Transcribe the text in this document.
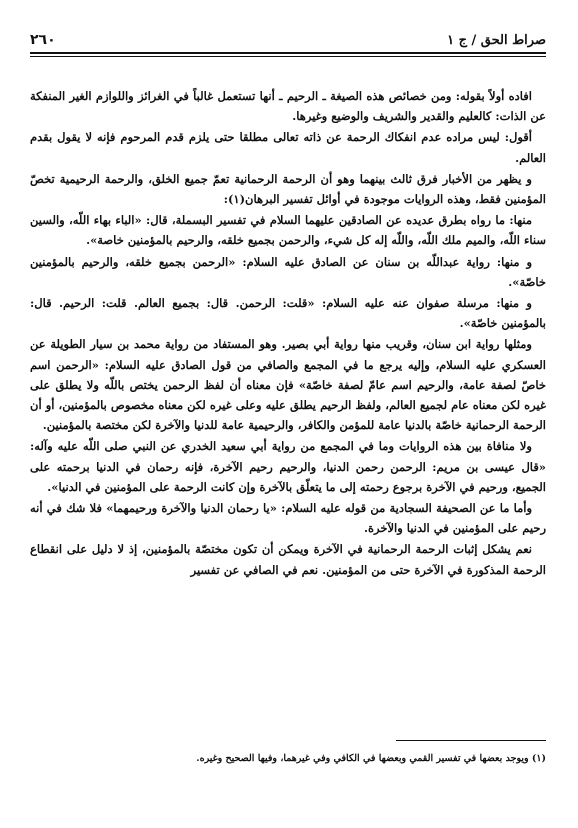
صراط الحق / ج ١
٢٦٠

افاده أولاً بقوله: ومن خصائص هذه الصيغة ـ الرحيم ـ أنها تستعمل غالباً في الغرائز واللوازم الغير المنفكة عن الذات: كالعليم والقدير والشريف والوضيع وغيرها.

أقول: ليس مراده عدم انفكاك الرحمة عن ذاته تعالى مطلقا حتى يلزم قدم المرحوم فإنه لا يقول بقدم العالم.

و يظهر من الأخبار فرق ثالث بينهما وهو أن الرحمة الرحمانية تعمّ جميع الخلق، والرحمة الرحيمية تخصّ المؤمنين فقط، وهذه الروايات موجودة في أوائل تفسير البرهان(١):

منها: ما رواه بطرق عديده عن الصادقين عليهما السلام في تفسير البسملة، قال: «الباء بهاء اللّه، والسين سناء اللّه، والميم ملك اللّه، واللّه إله كل شيء، والرحمن بجميع خلقه، والرحيم بالمؤمنين خاصة».

و منها: رواية عبداللّه بن سنان عن الصادق عليه السلام: «الرحمن بجميع خلقه، والرحيم بالمؤمنين خاصّة».

و منها: مرسلة صفوان عنه عليه السلام: «قلت: الرحمن. قال: بجميع العالم. قلت: الرحيم. قال: بالمؤمنين خاصّة».

ومثلها رواية ابن سنان، وقريب منها رواية أبي بصير. وهو المستفاد من رواية محمد بن سيار الطويلة عن العسكري عليه السلام، وإليه يرجع ما في المجمع والصافي من قول الصادق عليه السلام: «الرحمن اسم خاصّ لصفة عامة، والرحيم اسم عامّ لصفة خاصّة» فإن معناه أن لفظ الرحمن يختص باللّه ولا يطلق على غيره لكن معناه عام لجميع العالم، ولفظ الرحيم يطلق عليه وعلى غيره لكن معناه مخصوص بالمؤمنين، أو أن الرحمة الرحمانية خاصّة بالدنيا عامة للمؤمن والكافر، والرحيمية عامة للدنيا والآخرة لكن مختصة بالمؤمنين.

ولا منافاة بين هذه الروايات وما في المجمع من رواية أبي سعيد الخدري عن النبي صلى اللّه عليه وآله: «قال عيسى بن مريم: الرحمن رحمن الدنيا، والرحيم رحيم الآخرة، فإنه رحمان في الدنيا برحمته على الجميع، ورحيم في الآخرة برجوع رحمته إلى ما يتعلّق بالآخرة وإن كانت الرحمة على المؤمنين في الدنيا».

وأما ما عن الصحيفة السجادية من قوله عليه السلام: «يا رحمان الدنيا والآخرة ورحيمهما» فلا شك في أنه رحيم على المؤمنين في الدنيا والآخرة.

نعم يشكل إثبات الرحمة الرحمانية في الآخرة ويمكن أن تكون مختصّة بالمؤمنين، إذ لا دليل على انقطاع الرحمة المذكورة في الآخرة حتى من المؤمنين. نعم في الصافي عن تفسير

(١) ويوجد بعضها في تفسير القمي وبعضها في الكافي وفي غيرهما، وفيها الصحيح وغيره.
